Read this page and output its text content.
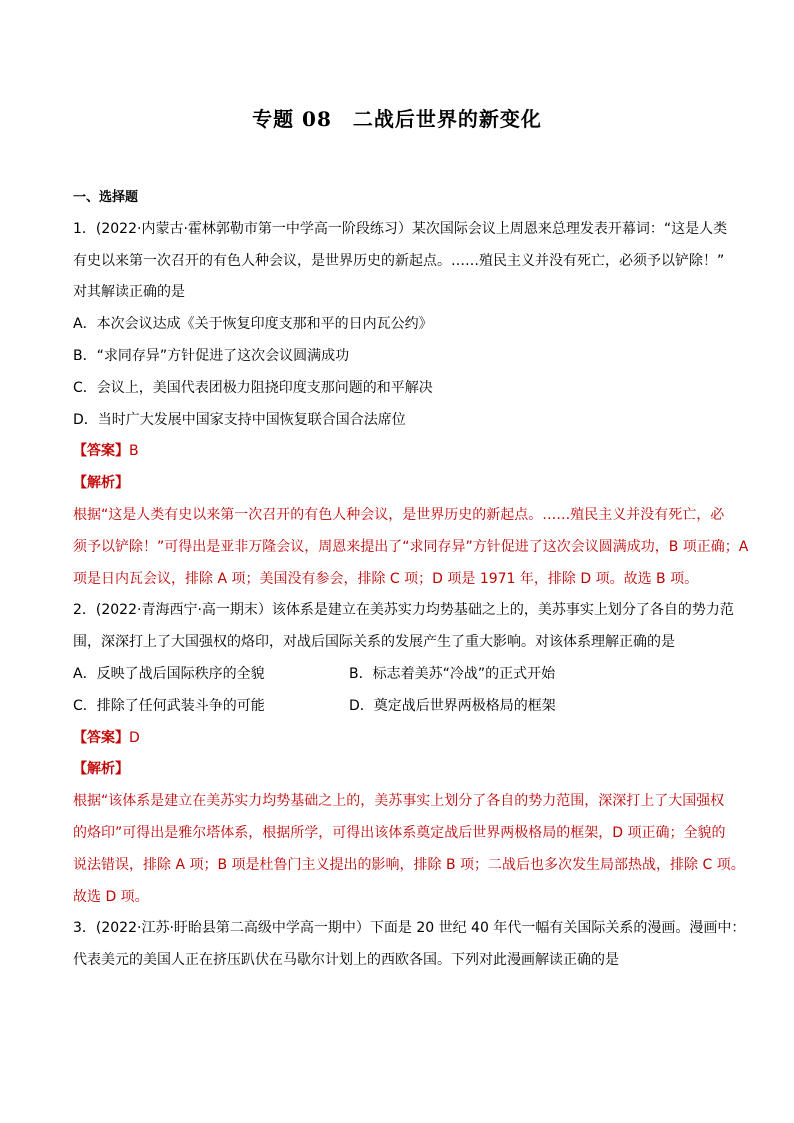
专题 08　二战后世界的新变化
一、选择题
1．(2022·内蒙古·霍林郭勒市第一中学高一阶段练习）某次国际会议上周恩来总理发表开幕词：“这是人类
有史以来第一次召开的有色人种会议，是世界历史的新起点。……殖民主义并没有死亡，必须予以铲除！”
对其解读正确的是
A．本次会议达成《关于恢复印度支那和平的日内瓦公约》
B．“求同存异”方针促进了这次会议圆满成功
C．会议上，美国代表团极力阻挠印度支那问题的和平解决
D．当时广大发展中国家支持中国恢复联合国合法席位
【答案】B
【解析】
根据“这是人类有史以来第一次召开的有色人种会议，是世界历史的新起点。……殖民主义并没有死亡，必
须予以铲除！”可得出是亚非万隆会议，周恩来提出了“求同存异”方针促进了这次会议圆满成功，B 项正确；A
项是日内瓦会议，排除 A 项；美国没有参会，排除 C 项；D 项是 1971 年，排除 D 项。故选 B 项。
2．(2022·青海西宁·高一期末）该体系是建立在美苏实力均势基础之上的，美苏事实上划分了各自的势力范
围，深深打上了大国强权的烙印，对战后国际关系的发展产生了重大影响。对该体系理解正确的是
A．反映了战后国际秩序的全貌	B．标志着美苏“冷战”的正式开始
C．排除了任何武装斗争的可能	D．奠定战后世界两极格局的框架
【答案】D
【解析】
根据“该体系是建立在美苏实力均势基础之上的，美苏事实上划分了各自的势力范围，深深打上了大国强权
的烙印”可得出是雅尔塔体系，根据所学，可得出该体系奠定战后世界两极格局的框架，D 项正确；全貌的
说法错误，排除 A 项；B 项是杜鲁门主义提出的影响，排除 B 项；二战后也多次发生局部热战，排除 C 项。
故选 D 项。
3．(2022·江苏·盱眙县第二高级中学高一期中）下面是 20 世纪 40 年代一幅有关国际关系的漫画。漫画中：
代表美元的美国人正在挤压趴伏在马歇尔计划上的西欧各国。下列对此漫画解读正确的是
